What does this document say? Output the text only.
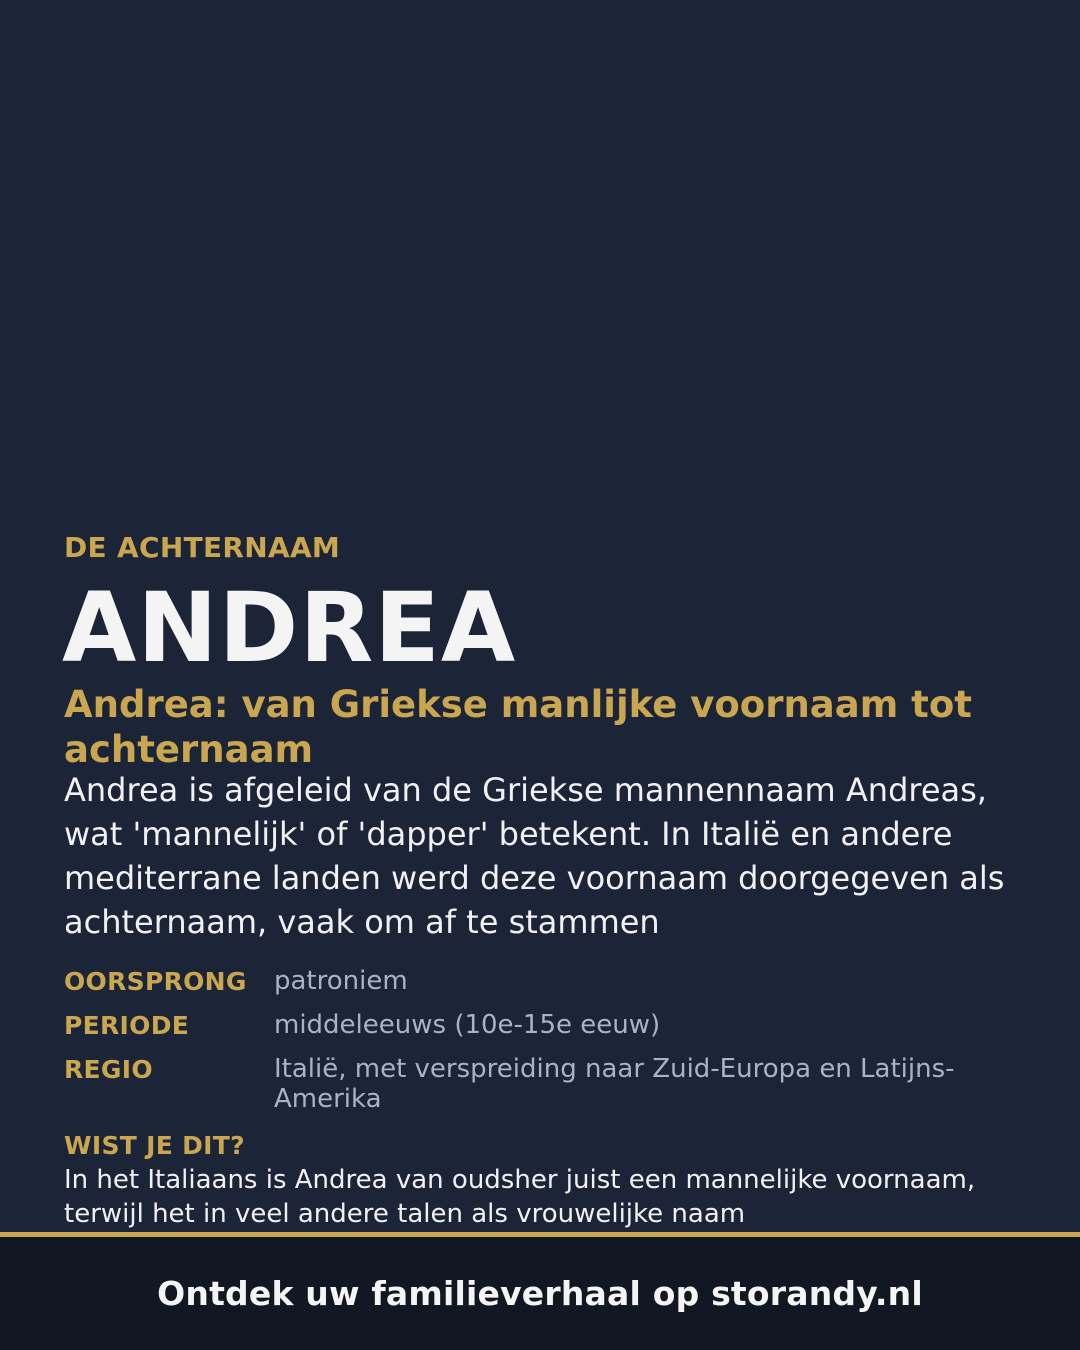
DE ACHTERNAAM
ANDREA
Andrea: van Griekse manlijke voornaam tot achternaam
Andrea is afgeleid van de Griekse mannennaam Andreas, wat 'mannelijk' of 'dapper' betekent. In Italië en andere mediterrane landen werd deze voornaam doorgegeven als achternaam, vaak om af te stammen
OORSPRONG	patroniem
PERIODE	middeleeuws (10e-15e eeuw)
REGIO	Italië, met verspreiding naar Zuid-Europa en Latijns-Amerika
WIST JE DIT?
In het Italiaans is Andrea van oudsher juist een mannelijke voornaam, terwijl het in veel andere talen als vrouwelijke naam
Ontdek uw familieverhaal op storandy.nl
